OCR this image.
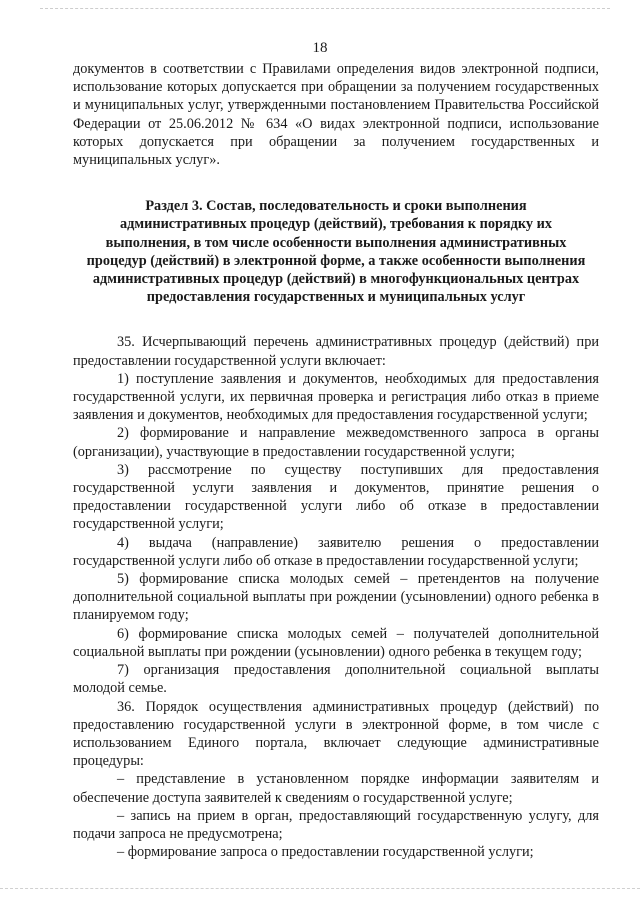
18

документов в соответствии с Правилами определения видов электронной подписи, использование которых допускается при обращении за получением государственных и муниципальных услуг, утвержденными постановлением Правительства Российской Федерации от 25.06.2012 № 634 «О видах электронной подписи, использование которых допускается при обращении за получением государственных и муниципальных услуг».

Раздел 3. Состав, последовательность и сроки выполнения
административных процедур (действий), требования к порядку их
выполнения, в том числе особенности выполнения административных
процедур (действий) в электронной форме, а также особенности выполнения
административных процедур (действий) в многофункциональных центрах
предоставления государственных и муниципальных услуг

35. Исчерпывающий перечень административных процедур (действий) при предоставлении государственной услуги включает:

1) поступление заявления и документов, необходимых для предоставления государственной услуги, их первичная проверка и регистрация либо отказ в приеме заявления и документов, необходимых для предоставления государственной услуги;

2) формирование и направление межведомственного запроса в органы (организации), участвующие в предоставлении государственной услуги;

3) рассмотрение по существу поступивших для предоставления государственной услуги заявления и документов, принятие решения о предоставлении государственной услуги либо об отказе в предоставлении государственной услуги;

4) выдача (направление) заявителю решения о предоставлении государственной услуги либо об отказе в предоставлении государственной услуги;

5) формирование списка молодых семей – претендентов на получение дополнительной социальной выплаты при рождении (усыновлении) одного ребенка в планируемом году;

6) формирование списка молодых семей – получателей дополнительной социальной выплаты при рождении (усыновлении) одного ребенка в текущем году;

7) организация предоставления дополнительной социальной выплаты молодой семье.

36. Порядок осуществления административных процедур (действий) по предоставлению государственной услуги в электронной форме, в том числе с использованием Единого портала, включает следующие административные процедуры:

– представление в установленном порядке информации заявителям и обеспечение доступа заявителей к сведениям о государственной услуге;

– запись на прием в орган, предоставляющий государственную услугу, для подачи запроса не предусмотрена;

– формирование запроса о предоставлении государственной услуги;
